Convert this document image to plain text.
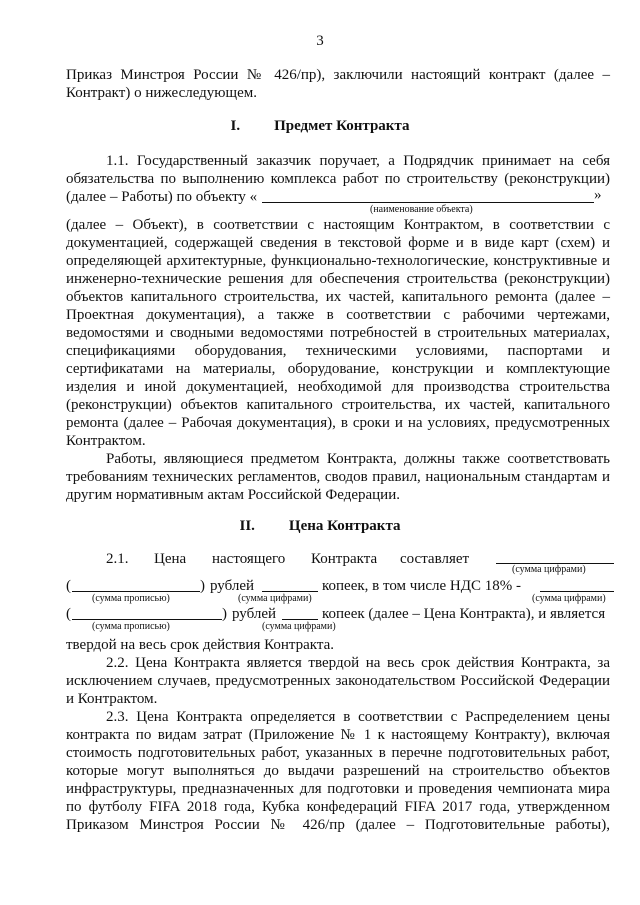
3
Приказ Минстроя России № 426/пр), заключили настоящий контракт (далее –
Контракт) о нижеследующем.
I. Предмет Контракта
1.1. Государственный заказчик поручает, а Подрядчик принимает на себя
обязательства по выполнению комплекса работ по строительству (реконструкции)
(далее – Работы) по объекту «	»
(наименование объекта)
(далее – Объект), в соответствии с настоящим Контрактом, в соответствии с
документацией, содержащей сведения в текстовой форме и в виде карт (схем) и
определяющей архитектурные, функционально-технологические, конструктивные и
инженерно-технические решения для обеспечения строительства (реконструкции)
объектов капитального строительства, их частей, капитального ремонта (далее –
Проектная документация), а также в соответствии с рабочими чертежами,
ведомостями и сводными ведомостями потребностей в строительных материалах,
спецификациями оборудования, техническими условиями, паспортами и
сертификатами на материалы, оборудование, конструкции и комплектующие
изделия и иной документацией, необходимой для производства строительства
(реконструкции) объектов капитального строительства, их частей, капитального
ремонта (далее – Рабочая документация), в сроки и на условиях, предусмотренных
Контрактом.
Работы, являющиеся предметом Контракта, должны также соответствовать
требованиям технических регламентов, сводов правил, национальным стандартам и
другим нормативным актам Российской Федерации.
II. Цена Контракта
2.1. Цена настоящего Контракта составляет
(сумма цифрами)
(	) рублей	копеек, в том числе НДС 18% -
(сумма прописью)	(сумма цифрами)	(сумма цифрами)
(	) рублей	копеек (далее – Цена Контракта), и является
(сумма прописью)	(сумма цифрами)
твердой на весь срок действия Контракта.
2.2. Цена Контракта является твердой на весь срок действия Контракта, за
исключением случаев, предусмотренных законодательством Российской Федерации
и Контрактом.
2.3. Цена Контракта определяется в соответствии с Распределением цены
контракта по видам затрат (Приложение № 1 к настоящему Контракту), включая
стоимость подготовительных работ, указанных в перечне подготовительных работ,
которые могут выполняться до выдачи разрешений на строительство объектов
инфраструктуры, предназначенных для подготовки и проведения чемпионата мира
по футболу FIFA 2018 года, Кубка конфедераций FIFA 2017 года, утвержденном
Приказом Минстроя России № 426/пр (далее – Подготовительные работы),
